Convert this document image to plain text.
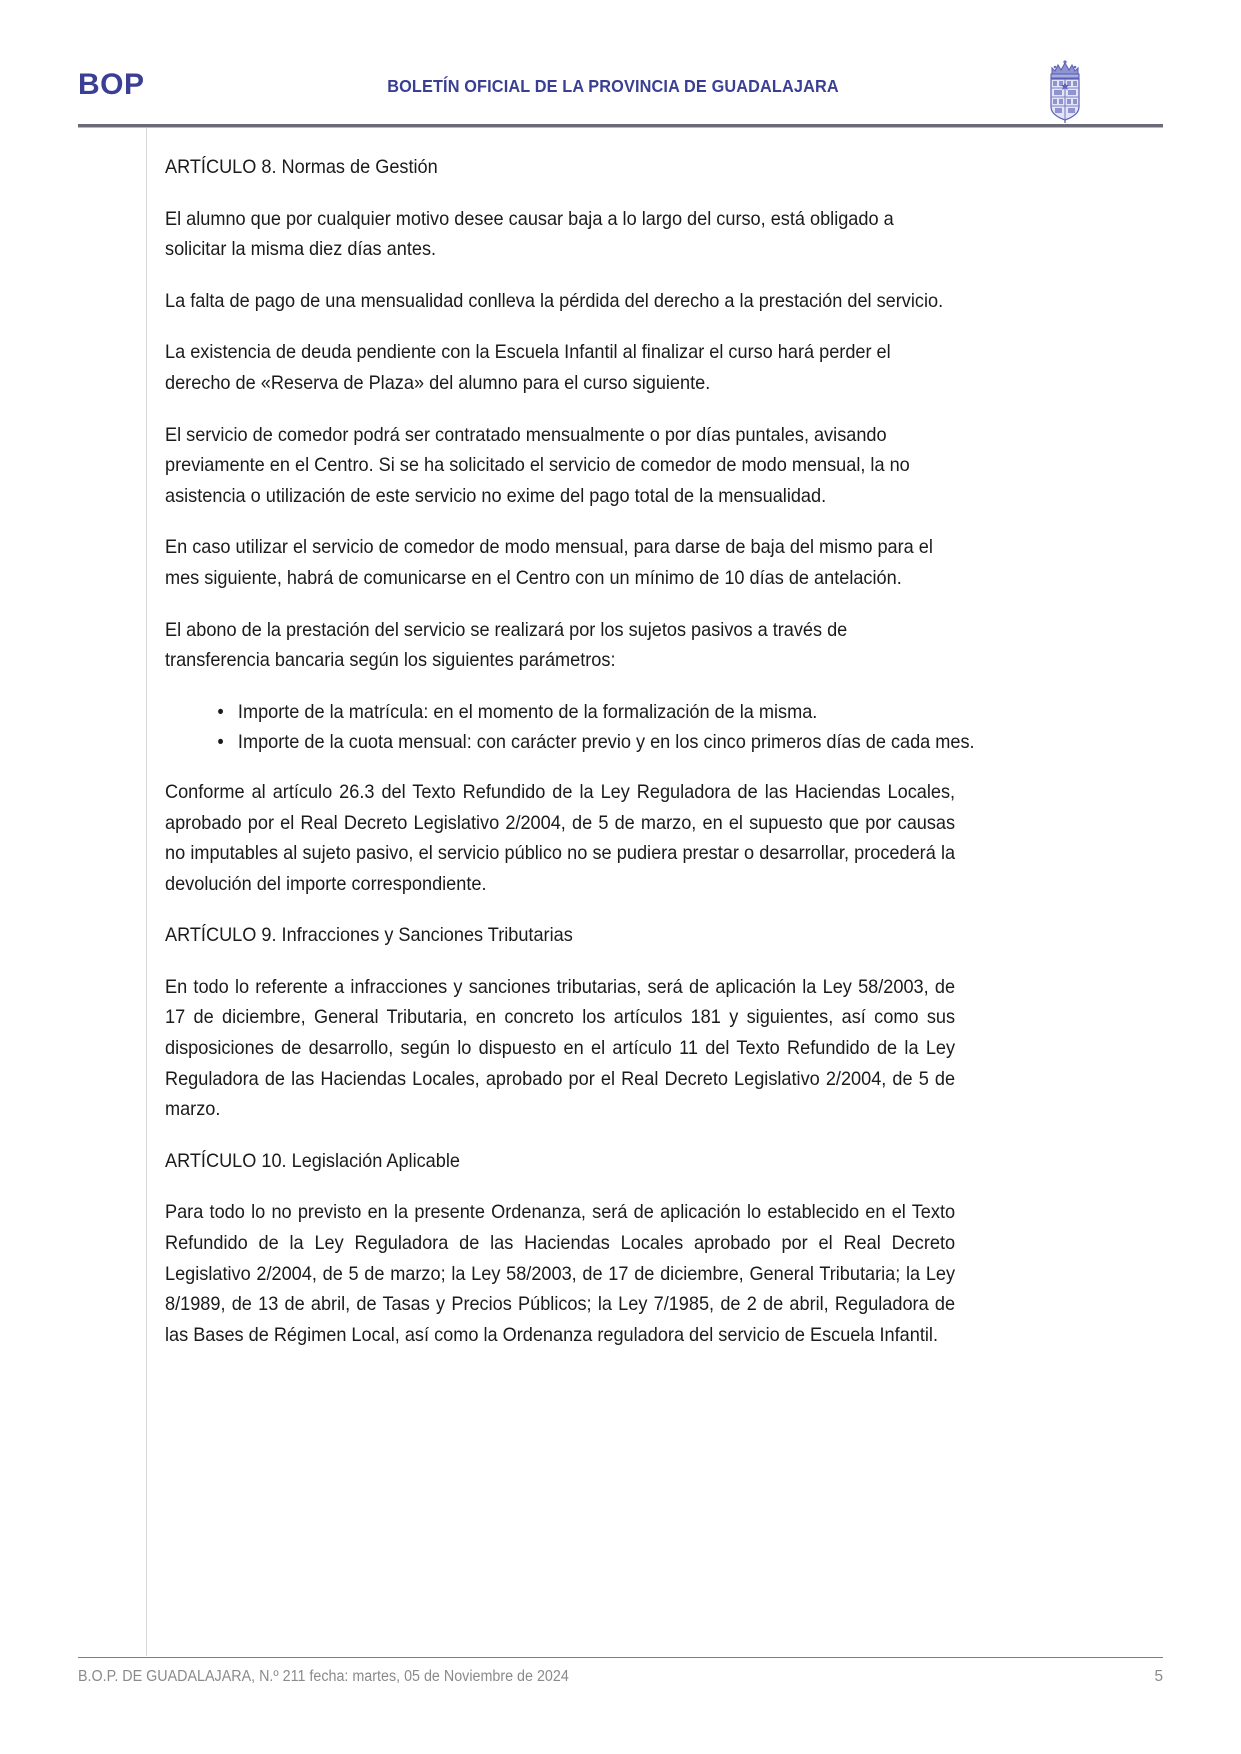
BOP	BOLETÍN OFICIAL DE LA PROVINCIA DE GUADALAJARA

ARTÍCULO 8. Normas de Gestión

El alumno que por cualquier motivo desee causar baja a lo largo del curso, está obligado a solicitar la misma diez días antes.

La falta de pago de una mensualidad conlleva la pérdida del derecho a la prestación del servicio.

La existencia de deuda pendiente con la Escuela Infantil al finalizar el curso hará perder el derecho de «Reserva de Plaza» del alumno para el curso siguiente.

El servicio de comedor podrá ser contratado mensualmente o por días puntales, avisando previamente en el Centro. Si se ha solicitado el servicio de comedor de modo mensual, la no asistencia o utilización de este servicio no exime del pago total de la mensualidad.

En caso utilizar el servicio de comedor de modo mensual, para darse de baja del mismo para el mes siguiente, habrá de comunicarse en el Centro con un mínimo de 10 días de antelación.

El abono de la prestación del servicio se realizará por los sujetos pasivos a través de transferencia bancaria según los siguientes parámetros:

• Importe de la matrícula: en el momento de la formalización de la misma.
• Importe de la cuota mensual: con carácter previo y en los cinco primeros días de cada mes.

Conforme al artículo 26.3 del Texto Refundido de la Ley Reguladora de las Haciendas Locales, aprobado por el Real Decreto Legislativo 2/2004, de 5 de marzo, en el supuesto que por causas no imputables al sujeto pasivo, el servicio público no se pudiera prestar o desarrollar, procederá la devolución del importe correspondiente.

ARTÍCULO 9. Infracciones y Sanciones Tributarias

En todo lo referente a infracciones y sanciones tributarias, será de aplicación la Ley 58/2003, de 17 de diciembre, General Tributaria, en concreto los artículos 181 y siguientes, así como sus disposiciones de desarrollo, según lo dispuesto en el artículo 11 del Texto Refundido de la Ley Reguladora de las Haciendas Locales, aprobado por el Real Decreto Legislativo 2/2004, de 5 de marzo.

ARTÍCULO 10. Legislación Aplicable

Para todo lo no previsto en la presente Ordenanza, será de aplicación lo establecido en el Texto Refundido de la Ley Reguladora de las Haciendas Locales aprobado por el Real Decreto Legislativo 2/2004, de 5 de marzo; la Ley 58/2003, de 17 de diciembre, General Tributaria; la Ley 8/1989, de 13 de abril, de Tasas y Precios Públicos; la Ley 7/1985, de 2 de abril, Reguladora de las Bases de Régimen Local, así como la Ordenanza reguladora del servicio de Escuela Infantil.

B.O.P. DE GUADALAJARA, N.º 211 fecha: martes, 05 de Noviembre de 2024	5
